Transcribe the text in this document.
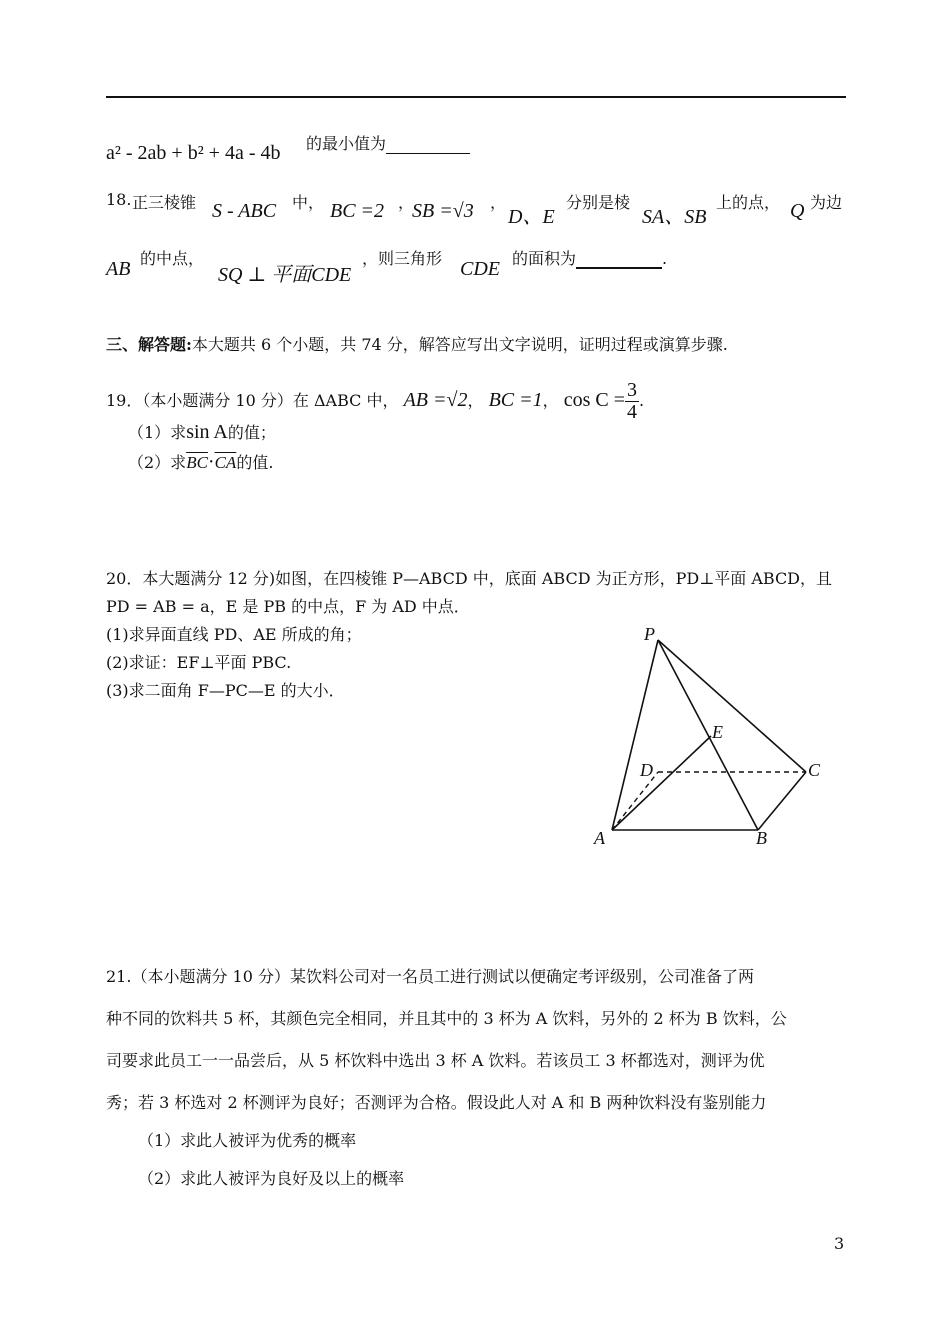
a² - 2ab + b² + 4a - 4b 的最小值为
18. 正三棱锥 S - ABC 中， BC =2 ，
SB =√3 ，
D、E
分别是棱
SA、SB
上的点， Q 为边
AB 的中点，
SQ ⊥ 平面CDE
，则三角形 CDE 的面积为	.
三、解答题:本大题共 6 个小题，共 74 分，解答应写出文字说明，证明过程或演算步骤.
19．（本小题满分 10 分）在 ΔABC 中， AB =√2， BC =1， $\cos C = \frac{3}{4}$ .
（1）求sin A的值；
（2）求$\overline{BC}\cdot\overline{CA}$的值.
20．本大题满分 12 分)如图，在四棱锥 P—ABCD 中，底面 ABCD 为正方形，PD⊥平面 ABCD，且
PD = AB = a，E 是 PB 的中点，F 为 AD 中点．
(1)求异面直线 PD、AE 所成的角；
(2)求证：EF⊥平面 PBC.
(3)求二面角 F—PC—E 的大小．
P
E
D	C
A	B
21.（本小题满分 10 分）某饮料公司对一名员工进行测试以便确定考评级别，公司准备了两
种不同的饮料共 5 杯，其颜色完全相同，并且其中的 3 杯为 A 饮料，另外的 2 杯为 B 饮料，公
司要求此员工一一品尝后，从 5 杯饮料中选出 3 杯 A 饮料。若该员工 3 杯都选对，测评为优
秀；若 3 杯选对 2 杯测评为良好；否测评为合格。假设此人对 A 和 B 两种饮料没有鉴别能力
（1）求此人被评为优秀的概率
（2）求此人被评为良好及以上的概率
3
